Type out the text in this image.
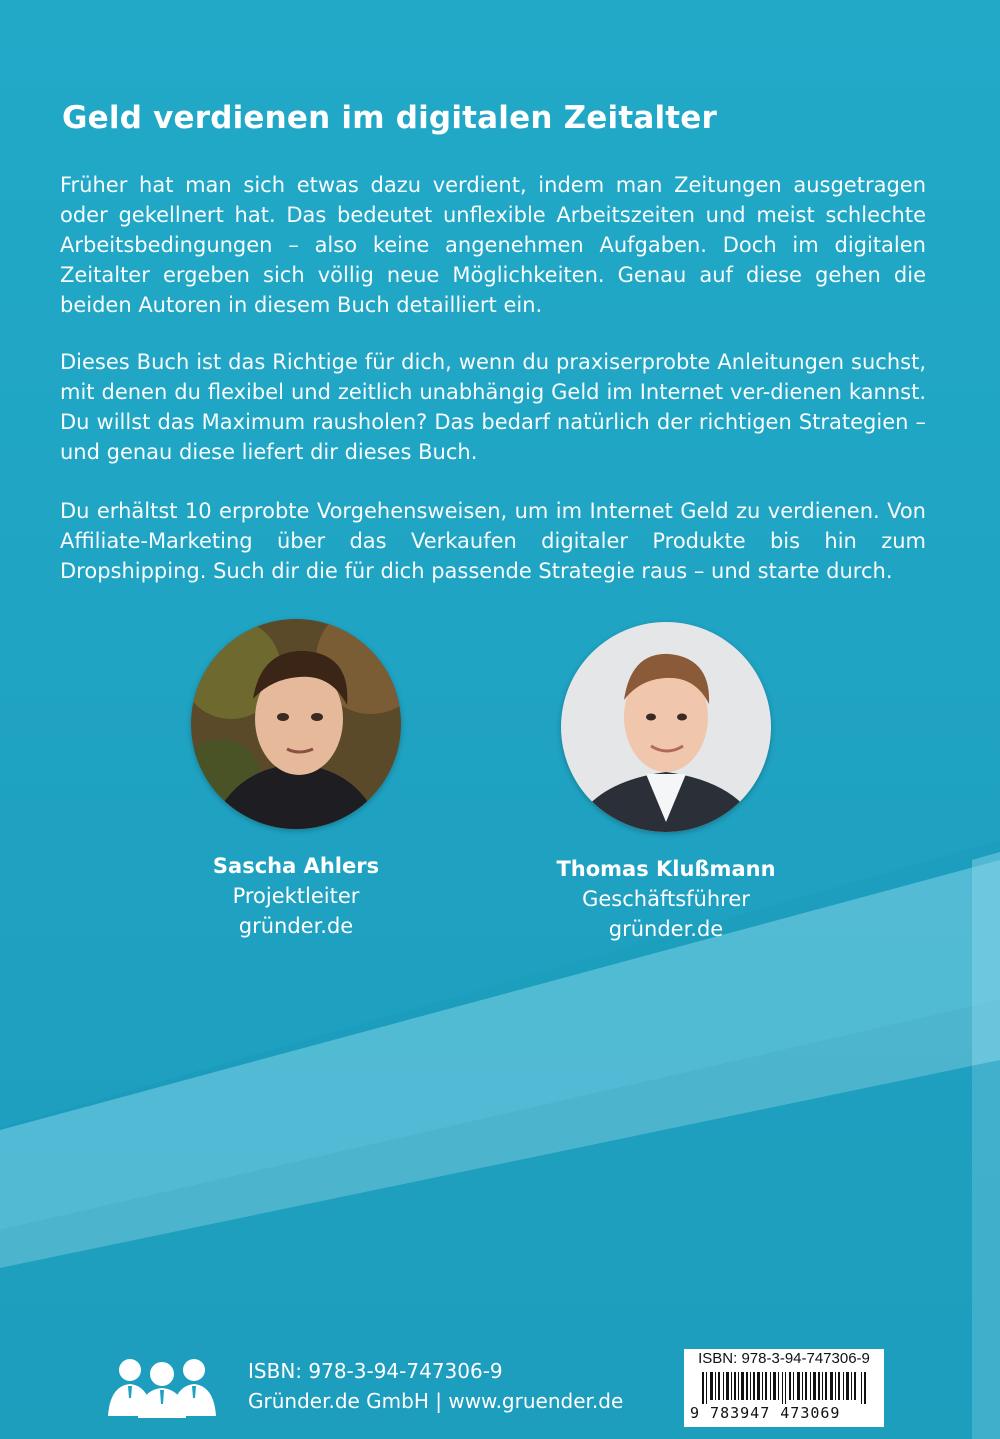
Geld verdienen im digitalen Zeitalter

Früher hat man sich etwas dazu verdient, indem man Zeitungen ausgetragen oder gekellnert hat. Das bedeutet unflexible Arbeitszeiten und meist schlechte Arbeitsbedingungen – also keine angenehmen Aufgaben. Doch im digitalen Zeitalter ergeben sich völlig neue Möglichkeiten. Genau auf diese gehen die beiden Autoren in diesem Buch detailliert ein.

Dieses Buch ist das Richtige für dich, wenn du praxiserprobte Anleitungen suchst, mit denen du flexibel und zeitlich unabhängig Geld im Internet ver-dienen kannst. Du willst das Maximum rausholen? Das bedarf natürlich der richtigen Strategien – und genau diese liefert dir dieses Buch.

Du erhältst 10 erprobte Vorgehensweisen, um im Internet Geld zu verdienen. Von Affiliate-Marketing über das Verkaufen digitaler Produkte bis hin zum Dropshipping. Such dir die für dich passende Strategie raus – und starte durch.

Sascha Ahlers
Projektleiter
gründer.de
Thomas Klußmann
Geschäftsführer
gründer.de
ISBN: 978-3-94-747306-9
Gründer.de GmbH | www.gruender.de
ISBN: 978-3-94-747306-9
9 783947 473069
